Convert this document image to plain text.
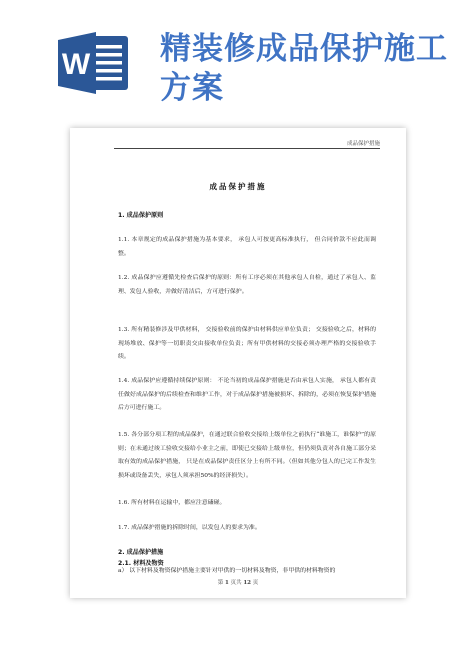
W 精装修成品保护施工方案
成品保护措施
成品保护措施
1. 成品保护原则

1.1. 本章规定的成品保护措施为基本要求， 承包人可按更高标准执行， 但合同价款不应此而调整。

1.2. 成品保护应遵循先检查后保护的原则：所有工序必须在其他承包人自检，通过了承包人、监理、发包人验收，并做好清洁后，方可进行保护。

1.3. 所有精装修涉及甲供材料， 交接验收前的保护由材料供应单位负责； 交接验收之后，材料的现场堆放、保护等一切职责交由接收单位负责；所有甲供材料的交接必须办理严格的交接验收手续。

1.4. 成品保护应遵循持续保护原则： 不论当初的成品保护措施是否由承包人实施， 承包人都有责任做好成品保护的后续检查和维护工作，对于成品保护措施被损坏、拆除的，必须在恢复保护措施后方可进行施工。

1.5. 各分部分项工程的成品保护，在通过联合验收交接给上级单位之前执行“谁施工，谁保护”的原则；在未通过竣工验收交接给小业主之前，即使已交接给上级单位，但仍须负责对各自施工部分采取有效的成品保护措施， 只是在成品保护责任区分上有所不同。（但如其他分包人的已完工作发生损坏或设备丢失，承包人须承担50%的经济损失）。

1.6. 所有材料在运输中，都应注意磕碰。

1.7. 成品保护措施的拆除时间，以发包人的要求为准。

2. 成品保护措施
2.1. 材料及物资

a） 以下材料及物资保护措施主要针对甲供的一切材料及物资，非甲供的材料物资的

第 1 页共 12 页
